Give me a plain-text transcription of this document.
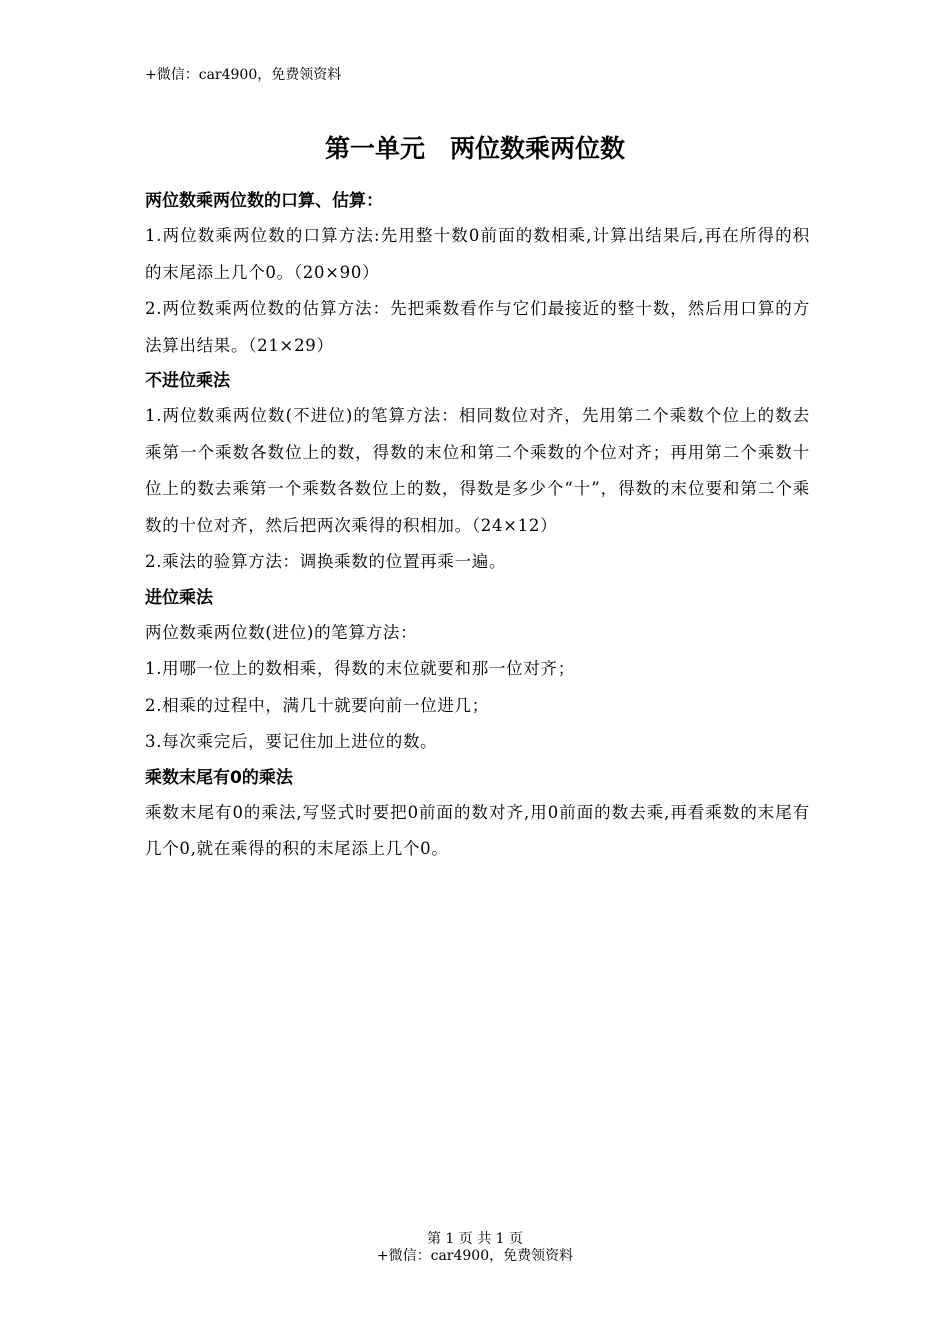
+微信：car4900，免费领资料
第一单元　两位数乘两位数
两位数乘两位数的口算、估算：

1.两位数乘两位数的口算方法:先用整十数0前面的数相乘,计算出结果后,再在所得的积的末尾添上几个0。（20×90）

2.两位数乘两位数的估算方法：先把乘数看作与它们最接近的整十数，然后用口算的方法算出结果。（21×29）

不进位乘法

1.两位数乘两位数(不进位)的笔算方法：相同数位对齐，先用第二个乘数个位上的数去乘第一个乘数各数位上的数，得数的末位和第二个乘数的个位对齐；再用第二个乘数十位上的数去乘第一个乘数各数位上的数，得数是多少个“十”，得数的末位要和第二个乘数的十位对齐，然后把两次乘得的积相加。（24×12）

2.乘法的验算方法：调换乘数的位置再乘一遍。

进位乘法

两位数乘两位数(进位)的笔算方法：

1.用哪一位上的数相乘，得数的末位就要和那一位对齐；

2.相乘的过程中，满几十就要向前一位进几；

3.每次乘完后，要记住加上进位的数。

乘数末尾有0的乘法

乘数末尾有0的乘法,写竖式时要把0前面的数对齐,用0前面的数去乘,再看乘数的末尾有几个0,就在乘得的积的末尾添上几个0。

第 1 页 共 1 页
+微信：car4900，免费领资料
